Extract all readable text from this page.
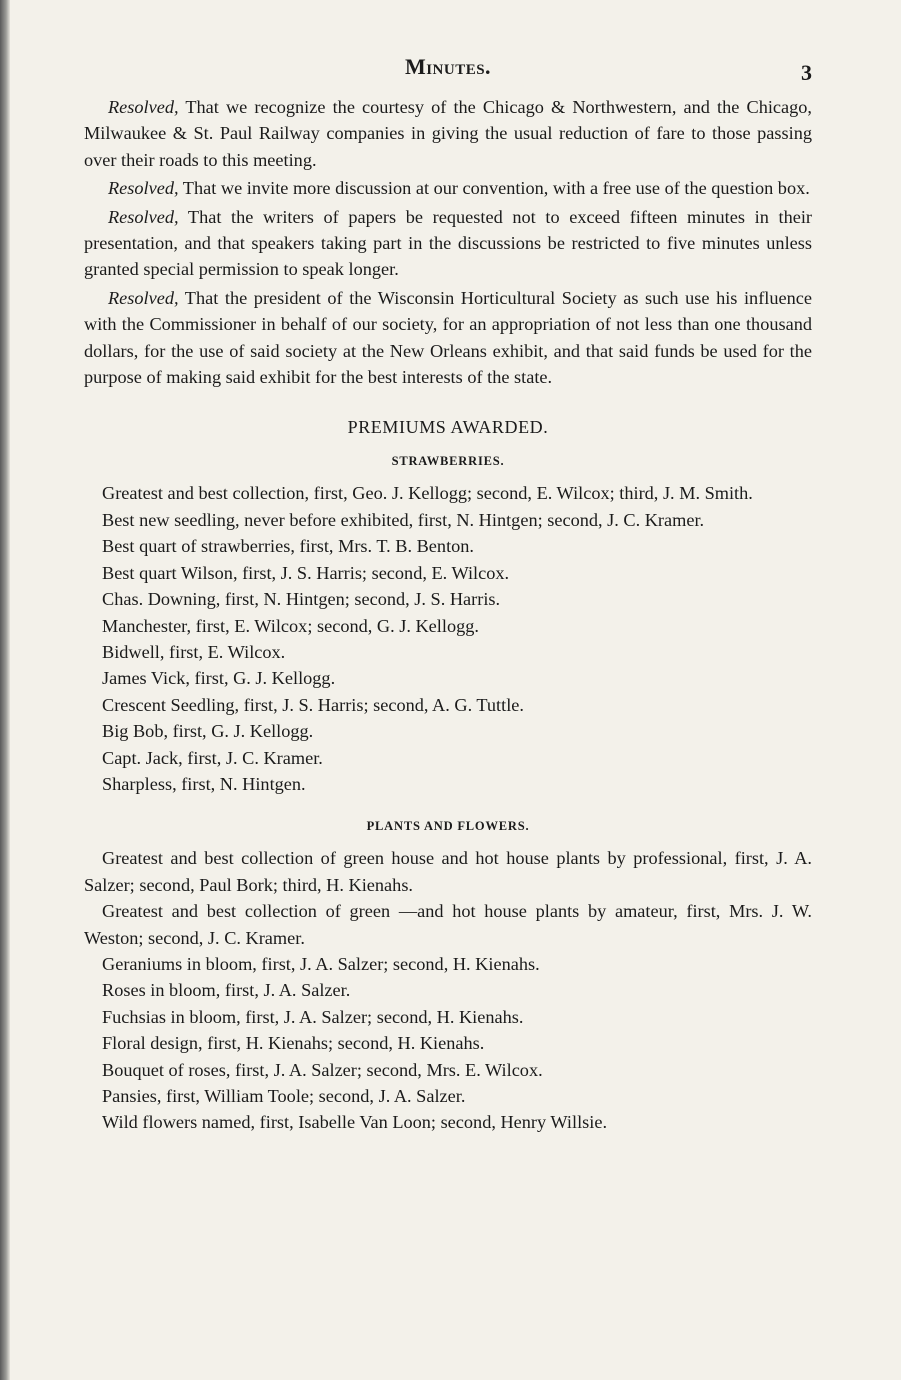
Minutes.	3

Resolved, That we recognize the courtesy of the Chicago & Northwestern, and the Chicago, Milwaukee & St. Paul Railway companies in giving the usual reduction of fare to those passing over their roads to this meeting.

Resolved, That we invite more discussion at our convention, with a free use of the question box.

Resolved, That the writers of papers be requested not to exceed fifteen minutes in their presentation, and that speakers taking part in the discussions be restricted to five minutes unless granted special permission to speak longer.

Resolved, That the president of the Wisconsin Horticultural Society as such use his influence with the Commissioner in behalf of our society, for an appropriation of not less than one thousand dollars, for the use of said society at the New Orleans exhibit, and that said funds be used for the purpose of making said exhibit for the best interests of the state.

PREMIUMS AWARDED.
STRAWBERRIES.

Greatest and best collection, first, Geo. J. Kellogg; second, E. Wilcox; third, J. M. Smith.

Best new seedling, never before exhibited, first, N. Hintgen; second, J. C. Kramer.

Best quart of strawberries, first, Mrs. T. B. Benton.

Best quart Wilson, first, J. S. Harris; second, E. Wilcox.

Chas. Downing, first, N. Hintgen; second, J. S. Harris.

Manchester, first, E. Wilcox; second, G. J. Kellogg.

Bidwell, first, E. Wilcox.

James Vick, first, G. J. Kellogg.

Crescent Seedling, first, J. S. Harris; second, A. G. Tuttle.

Big Bob, first, G. J. Kellogg.

Capt. Jack, first, J. C. Kramer.

Sharpless, first, N. Hintgen.

PLANTS AND FLOWERS.

Greatest and best collection of green house and hot house plants by professional, first, J. A. Salzer; second, Paul Bork; third, H. Kienahs.

Greatest and best collection of green —and hot house plants by amateur, first, Mrs. J. W. Weston; second, J. C. Kramer.

Geraniums in bloom, first, J. A. Salzer; second, H. Kienahs.

Roses in bloom, first, J. A. Salzer.

Fuchsias in bloom, first, J. A. Salzer; second, H. Kienahs.

Floral design, first, H. Kienahs; second, H. Kienahs.

Bouquet of roses, first, J. A. Salzer; second, Mrs. E. Wilcox.

Pansies, first, William Toole; second, J. A. Salzer.

Wild flowers named, first, Isabelle Van Loon; second, Henry Willsie.
